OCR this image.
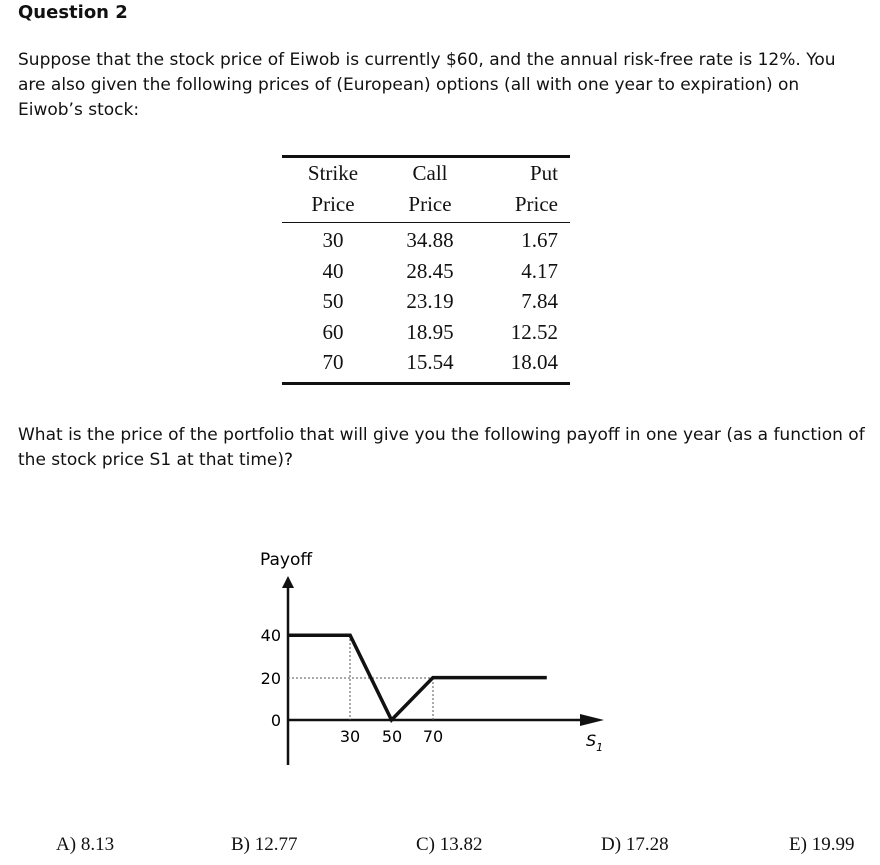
Question 2
Suppose that the stock price of Eiwob is currently $60, and the annual risk-free rate is 12%. You are also given the following prices of (European) options (all with one year to expiration) on Eiwob’s stock:
Strike	Call	Put
Price	Price	Price
30	34.88	1.67
40	28.45	4.17
50	23.19	7.84
60	18.95	12.52
70	15.54	18.04
What is the price of the portfolio that will give you the following payoff in one year (as a function of the stock price S1 at that time)?
Payoff
40
20
0
30 50 70	$S_1$
A) 8.13	B) 12.77	C) 13.82	D) 17.28	E) 19.99
